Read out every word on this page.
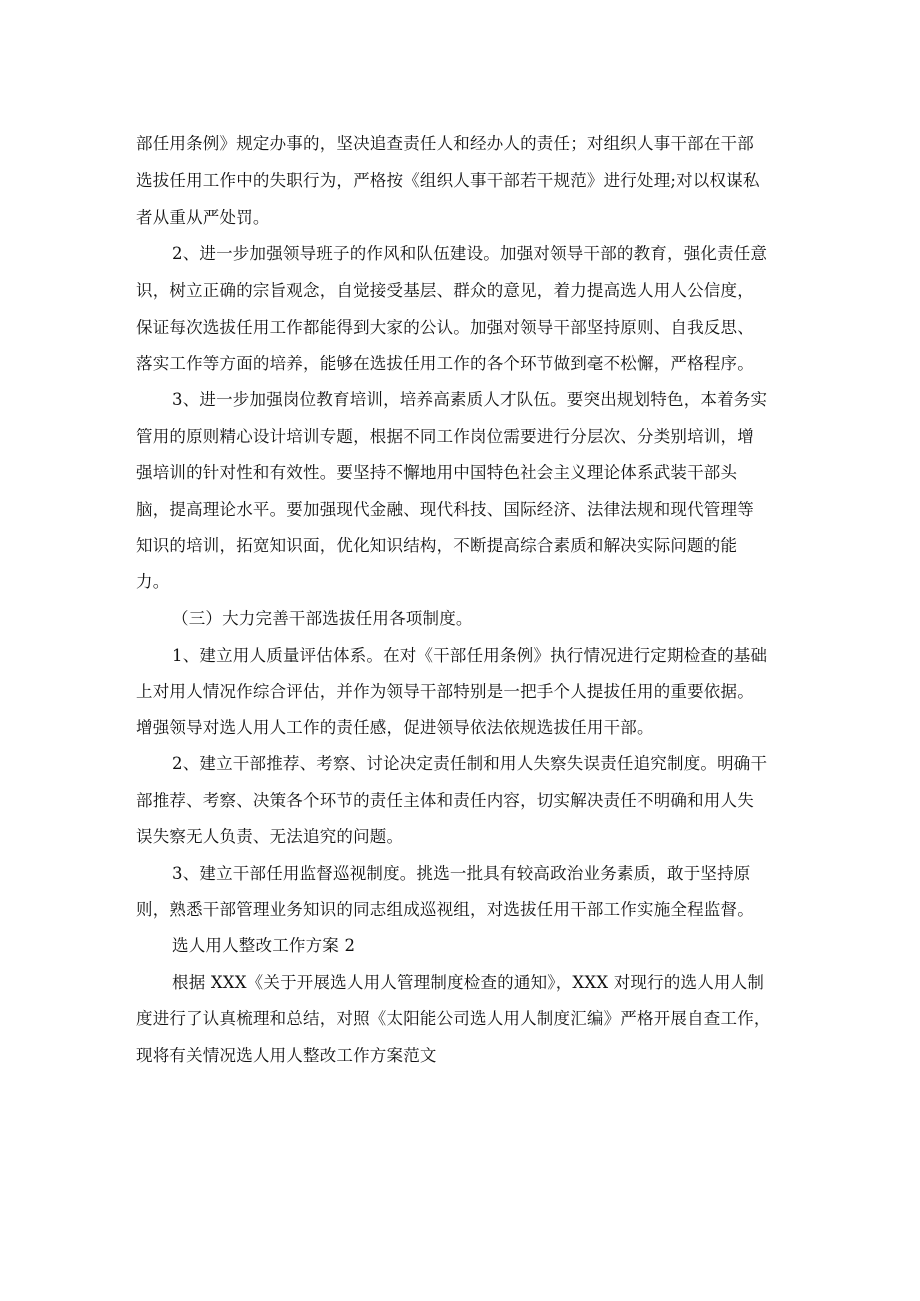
部任用条例》规定办事的，坚决追查责任人和经办人的责任；对组织人事干部在干部
选拔任用工作中的失职行为，严格按《组织人事干部若干规范》进行处理;对以权谋私
者从重从严处罚。
2、进一步加强领导班子的作风和队伍建设。加强对领导干部的教育，强化责任意
识，树立正确的宗旨观念，自觉接受基层、群众的意见，着力提高选人用人公信度，
保证每次选拔任用工作都能得到大家的公认。加强对领导干部坚持原则、自我反思、
落实工作等方面的培养，能够在选拔任用工作的各个环节做到毫不松懈，严格程序。
3、进一步加强岗位教育培训，培养高素质人才队伍。要突出规划特色，本着务实
管用的原则精心设计培训专题，根据不同工作岗位需要进行分层次、分类别培训，增
强培训的针对性和有效性。要坚持不懈地用中国特色社会主义理论体系武装干部头
脑，提高理论水平。要加强现代金融、现代科技、国际经济、法律法规和现代管理等
知识的培训，拓宽知识面，优化知识结构，不断提高综合素质和解决实际问题的能
力。
（三）大力完善干部选拔任用各项制度。
1、建立用人质量评估体系。在对《干部任用条例》执行情况进行定期检查的基础
上对用人情况作综合评估，并作为领导干部特别是一把手个人提拔任用的重要依据。
增强领导对选人用人工作的责任感，促进领导依法依规选拔任用干部。
2、建立干部推荐、考察、讨论决定责任制和用人失察失误责任追究制度。明确干
部推荐、考察、决策各个环节的责任主体和责任内容，切实解决责任不明确和用人失
误失察无人负责、无法追究的问题。
3、建立干部任用监督巡视制度。挑选一批具有较高政治业务素质，敢于坚持原
则，熟悉干部管理业务知识的同志组成巡视组，对选拔任用干部工作实施全程监督。
选人用人整改工作方案 2
根据 XXX《关于开展选人用人管理制度检查的通知》，XXX 对现行的选人用人制
度进行了认真梳理和总结，对照《太阳能公司选人用人制度汇编》严格开展自查工作，
现将有关情况选人用人整改工作方案范文
